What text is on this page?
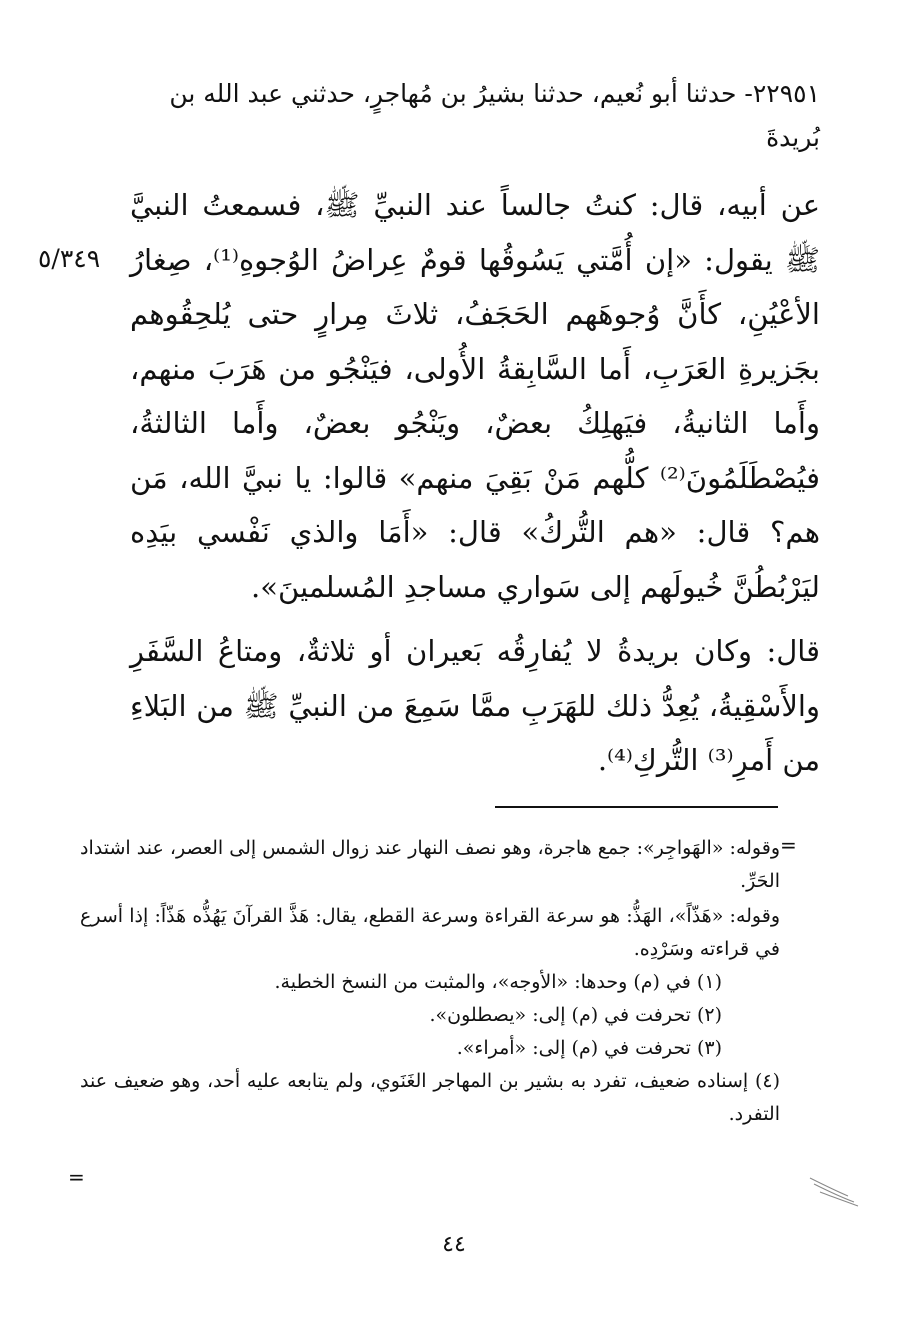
٢٢٩٥١- حدثنا أبو نُعيم، حدثنا بشيرُ بن مُهاجرٍ، حدثني عبد الله بن

بُريدةَ

٥/٣٤٩

عن أبيه، قال: كنتُ جالساً عند النبيِّ ﷺ، فسمعتُ النبيَّ ﷺ يقول: «إن أُمَّتي يَسُوقُها قومٌ عِراضُ الوُجوهِ⁽¹⁾، صِغارُ الأعْيُنِ، كأَنَّ وُجوهَهم الحَجَفُ، ثلاثَ مِرارٍ حتى يُلحِقُوهم بجَزيرةِ العَرَبِ، أَما السَّابِقةُ الأُولى، فيَنْجُو من هَرَبَ منهم، وأَما الثانيةُ، فيَهلِكُ بعضٌ، ويَنْجُو بعضٌ، وأَما الثالثةُ، فيُصْطَلَمُونَ⁽²⁾ كلُّهم مَنْ بَقِيَ منهم» قالوا: يا نبيَّ الله، مَن هم؟ قال: «هم التُّركُ» قال: «أَمَا والذي نَفْسي بيَدِه ليَرْبُطُنَّ خُيولَهم إلى سَواري مساجدِ المُسلمينَ».

قال: وكان بريدةُ لا يُفارِقُه بَعيران أو ثلاثةٌ، ومتاعُ السَّفَرِ والأَسْقِيةُ، يُعِدُّ ذلك للهَرَبِ ممَّا سَمِعَ من النبيِّ ﷺ من البَلاءِ من أَمرِ⁽³⁾ التُّركِ⁽⁴⁾.

=

وقوله: «الهَواجِر»: جمع هاجرة، وهو نصف النهار عند زوال الشمس إلى العصر، عند اشتداد الحَرِّ.

وقوله: «هَذّاً»، الهَذُّ: هو سرعة القراءة وسرعة القطع، يقال: هَذَّ القرآنَ يَهُذُّه هَذّاً: إذا أسرع في قراءته وسَرْدِه.

(١) في (م) وحدها: «الأوجه»، والمثبت من النسخ الخطية.

(٢) تحرفت في (م) إلى: «يصطلون».

(٣) تحرفت في (م) إلى: «أمراء».

(٤) إسناده ضعيف، تفرد به بشير بن المهاجر الغَنَوي، ولم يتابعه عليه أحد، وهو ضعيف عند التفرد.

=
٤٤
